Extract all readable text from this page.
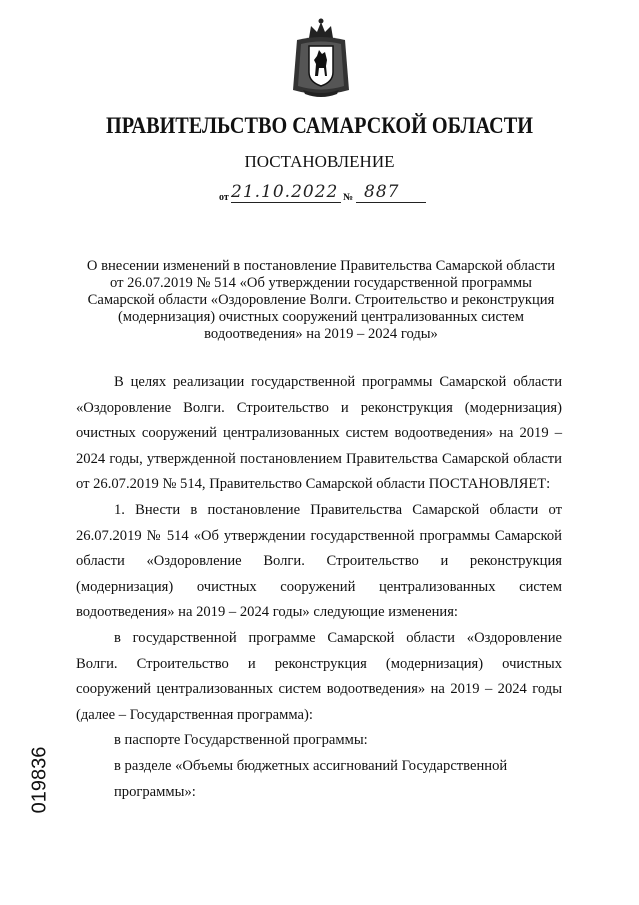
ПРАВИТЕЛЬСТВО САМАРСКОЙ ОБЛАСТИ
ПОСТАНОВЛЕНИЕ
от 21.10.2022 № 887
О внесении изменений в постановление Правительства Самарской области
от 26.07.2019 № 514 «Об утверждении государственной программы
Самарской области «Оздоровление Волги. Строительство и реконструкция
(модернизация) очистных сооружений централизованных систем
водоотведения» на 2019 – 2024 годы»

В целях реализации государственной программы Самарской области «Оздоровление Волги. Строительство и реконструкция (модернизация) очистных сооружений централизованных систем водоотведения» на 2019 – 2024 годы, утвержденной постановлением Правительства Самарской области от 26.07.2019 № 514, Правительство Самарской области ПОСТАНОВЛЯЕТ:

1. Внести в постановление Правительства Самарской области от 26.07.2019 № 514 «Об утверждении государственной программы Самарской области «Оздоровление Волги. Строительство и реконструкция (модернизация) очистных сооружений централизованных систем водоотведения» на 2019 – 2024 годы» следующие изменения:

в государственной программе Самарской области «Оздоровление Волги. Строительство и реконструкция (модернизация) очистных сооружений централизованных систем водоотведения» на 2019 – 2024 годы (далее – Государственная программа):

в паспорте Государственной программы:

в разделе «Объемы бюджетных ассигнований Государственной

программы»:

019836
